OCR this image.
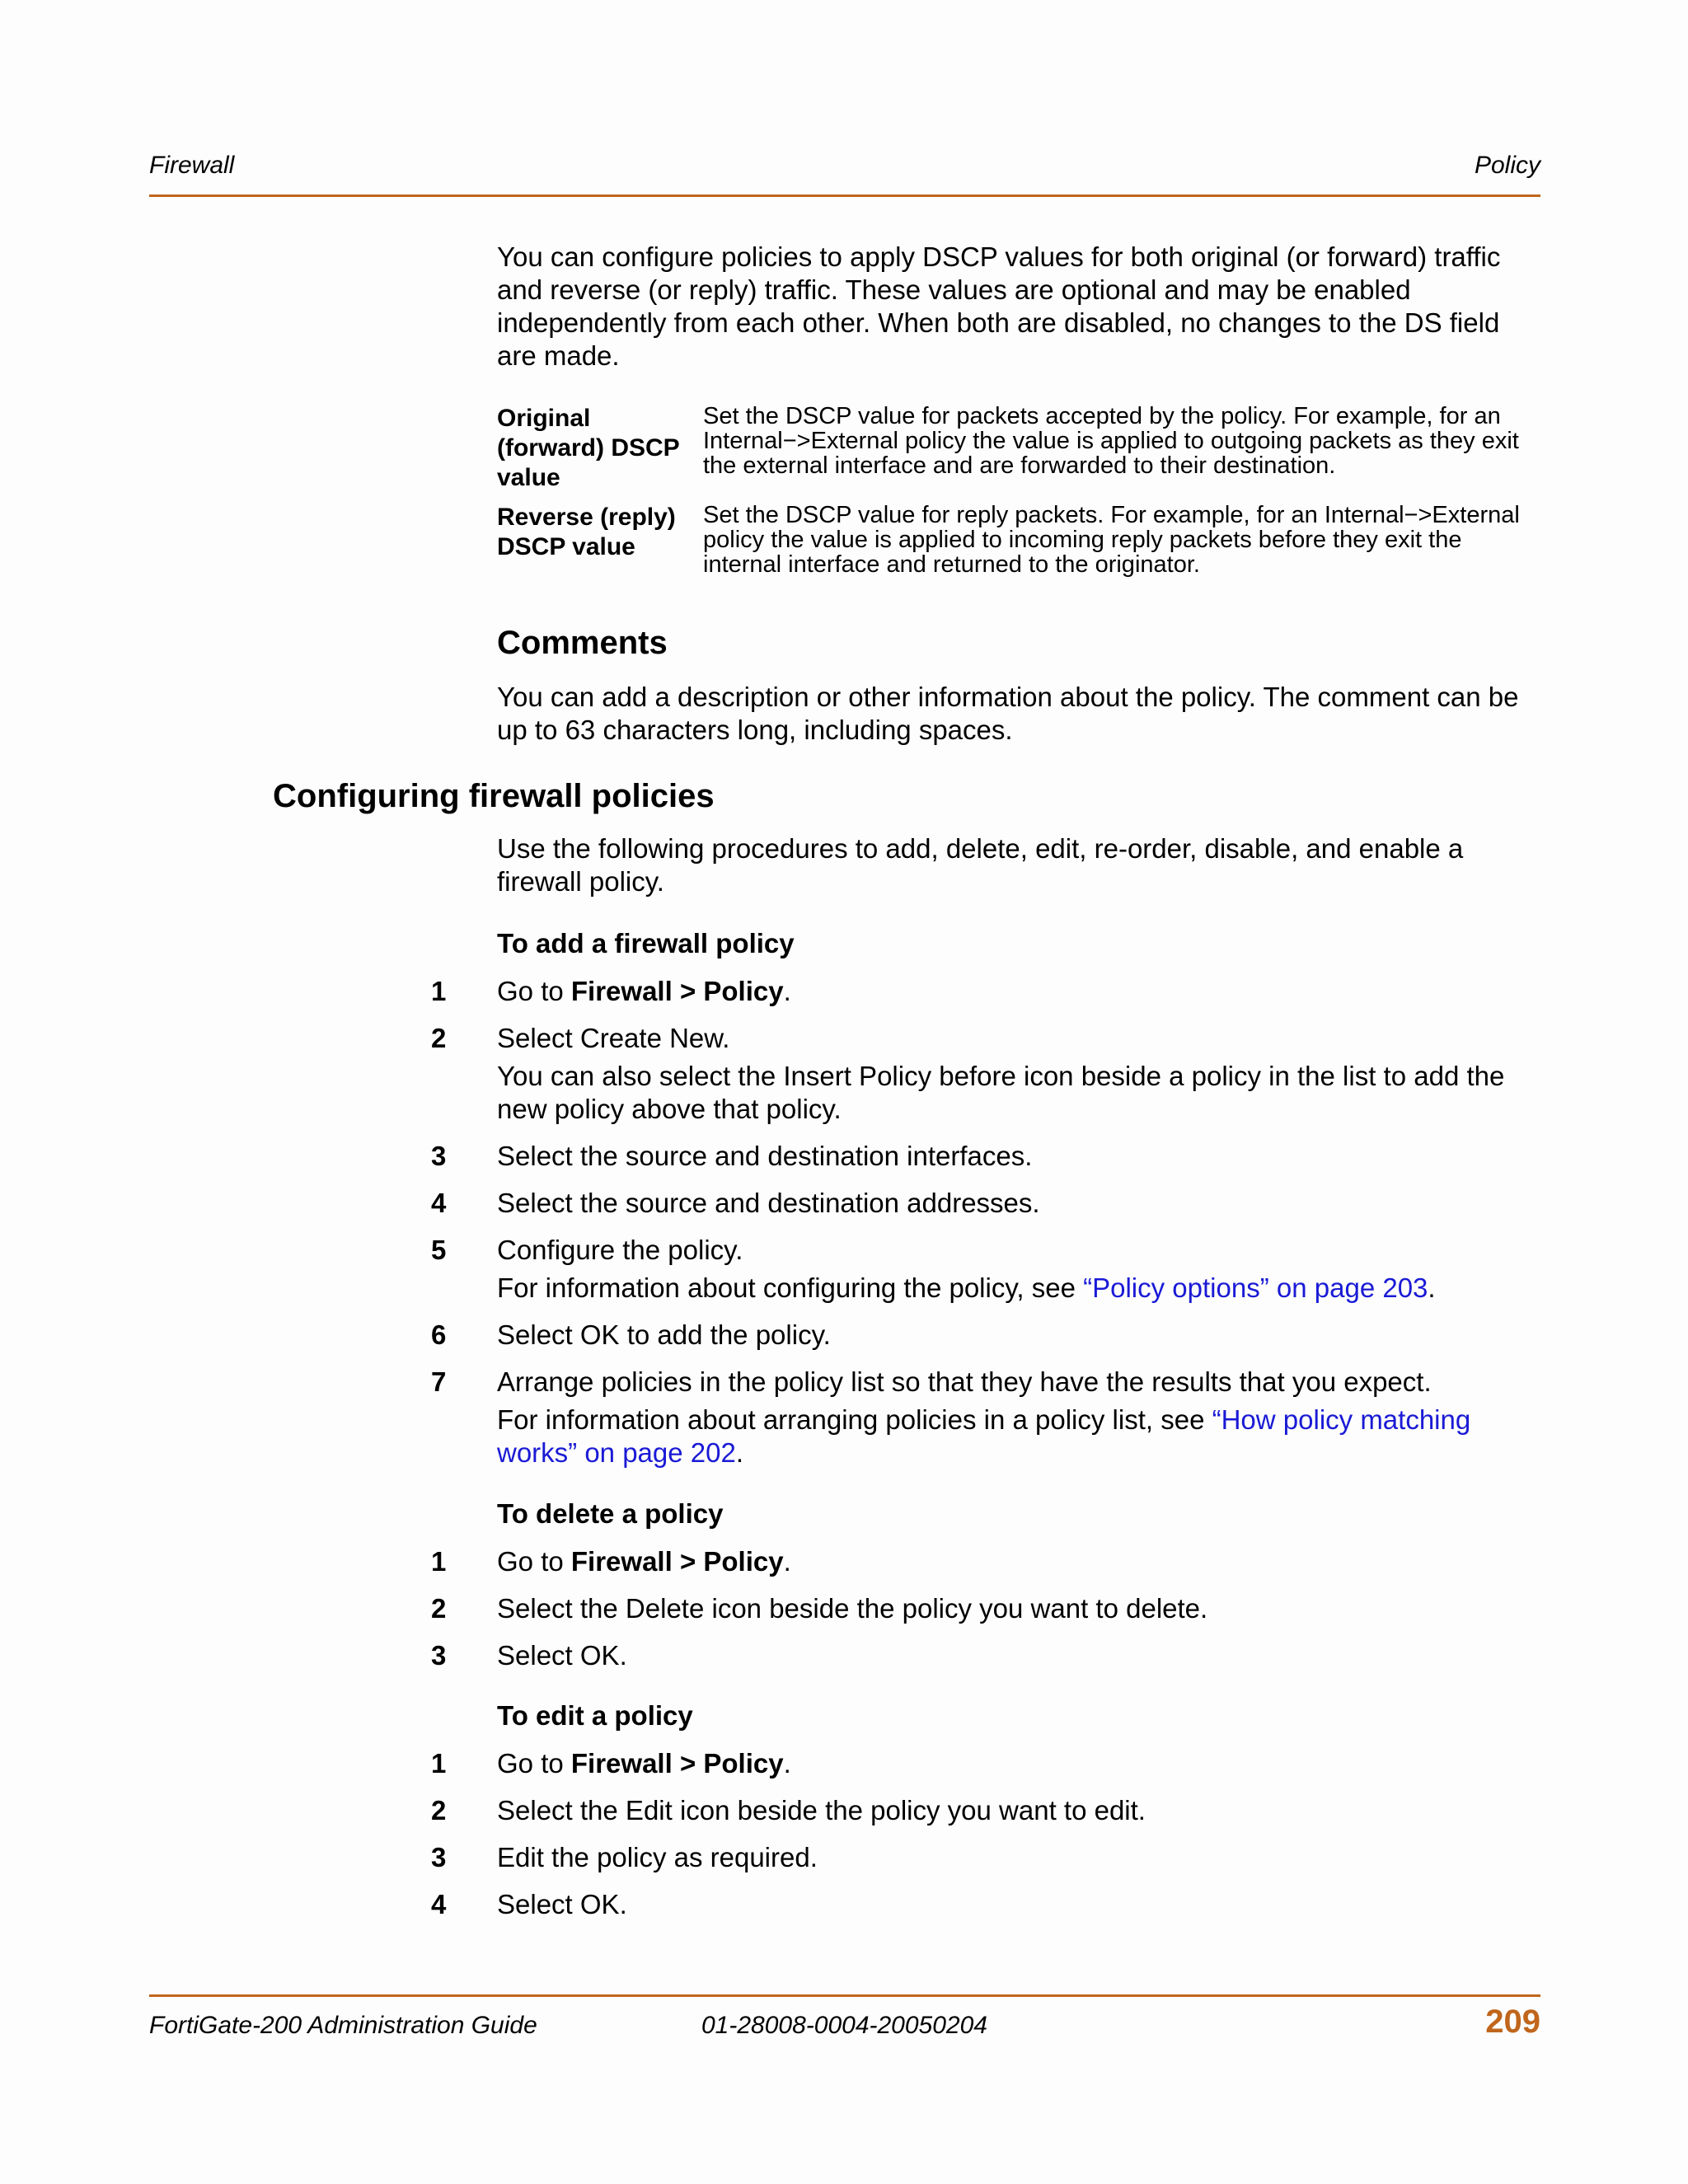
Firewall	Policy
You can configure policies to apply DSCP values for both original (or forward) traffic and reverse (or reply) traffic. These values are optional and may be enabled independently from each other. When both are disabled, no changes to the DS field are made.
Original (forward) DSCP value	Set the DSCP value for packets accepted by the policy. For example, for an Internal−>External policy the value is applied to outgoing packets as they exit the external interface and are forwarded to their destination.
Reverse (reply) DSCP value	Set the DSCP value for reply packets. For example, for an Internal−>External policy the value is applied to incoming reply packets before they exit the internal interface and returned to the originator.
Comments
You can add a description or other information about the policy. The comment can be up to 63 characters long, including spaces.
Configuring firewall policies
Use the following procedures to add, delete, edit, re-order, disable, and enable a firewall policy.
To add a firewall policy
1 Go to Firewall > Policy.
2 Select Create New.
You can also select the Insert Policy before icon beside a policy in the list to add the new policy above that policy.
3 Select the source and destination interfaces.
4 Select the source and destination addresses.
5 Configure the policy.
For information about configuring the policy, see “Policy options” on page 203.
6 Select OK to add the policy.
7 Arrange policies in the policy list so that they have the results that you expect.
For information about arranging policies in a policy list, see “How policy matching works” on page 202.
To delete a policy
1 Go to Firewall > Policy.
2 Select the Delete icon beside the policy you want to delete.
3 Select OK.
To edit a policy
1 Go to Firewall > Policy.
2 Select the Edit icon beside the policy you want to edit.
3 Edit the policy as required.
4 Select OK.
FortiGate-200 Administration Guide	01-28008-0004-20050204	209
